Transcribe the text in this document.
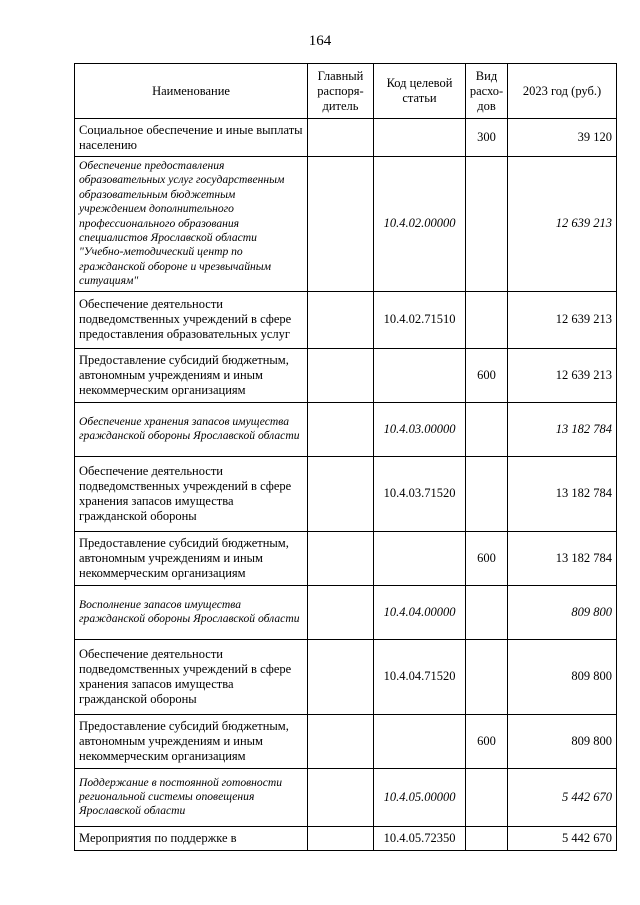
164
Наименование	Главный распоря-дитель	Код целевой статьи	Вид расхо-дов	2023 год (руб.)
Социальное обеспечение и иные выплаты населению			300	39 120
Обеспечение предоставления образовательных услуг государственным образовательным бюджетным учреждением дополнительного профессионального образования специалистов Ярославской области "Учебно-методический центр по гражданской обороне и чрезвычайным ситуациям"		10.4.02.00000		12 639 213
Обеспечение деятельности подведомственных учреждений в сфере предоставления образовательных услуг		10.4.02.71510		12 639 213
Предоставление субсидий бюджетным, автономным учреждениям и иным некоммерческим организациям			600	12 639 213
Обеспечение хранения запасов имущества гражданской обороны Ярославской области		10.4.03.00000		13 182 784
Обеспечение деятельности подведомственных учреждений в сфере хранения запасов имущества гражданской обороны		10.4.03.71520		13 182 784
Предоставление субсидий бюджетным, автономным учреждениям и иным некоммерческим организациям			600	13 182 784
Восполнение запасов имущества гражданской обороны Ярославской области		10.4.04.00000		809 800
Обеспечение деятельности подведомственных учреждений в сфере хранения запасов имущества гражданской обороны		10.4.04.71520		809 800
Предоставление субсидий бюджетным, автономным учреждениям и иным некоммерческим организациям			600	809 800
Поддержание в постоянной готовности региональной системы оповещения Ярославской области		10.4.05.00000		5 442 670
Мероприятия по поддержке в		10.4.05.72350		5 442 670
